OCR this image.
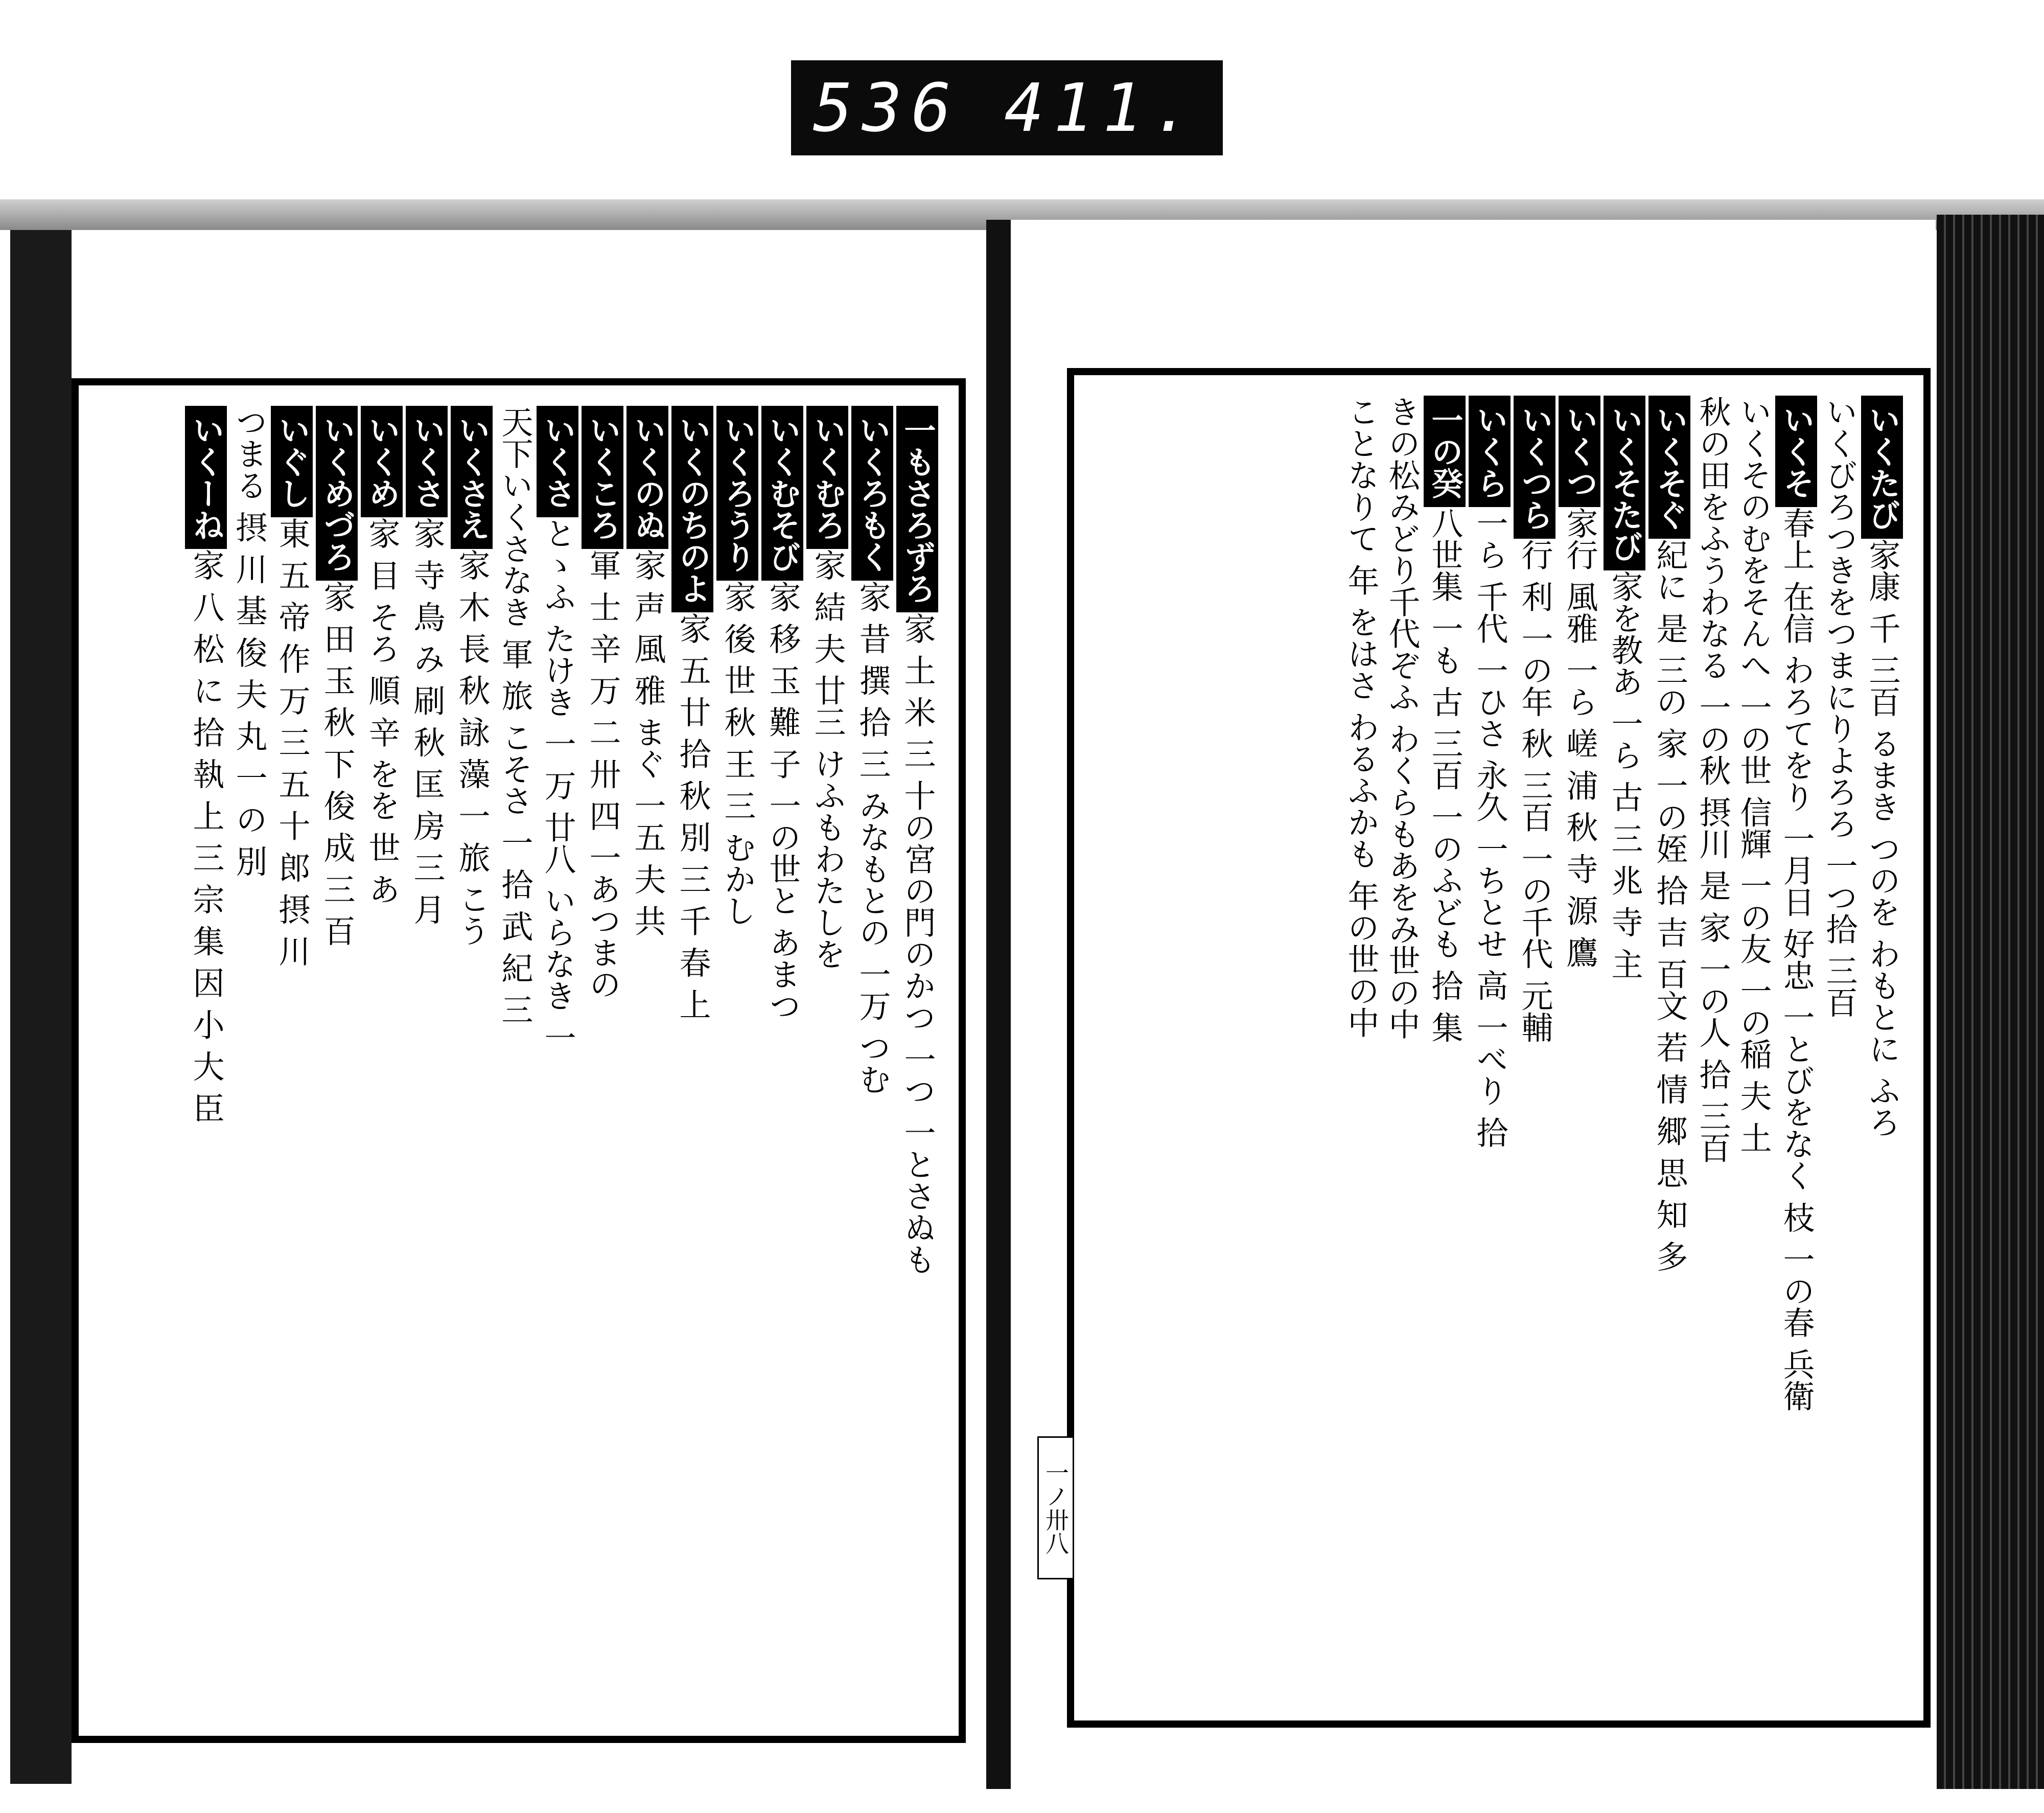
536 411.
一もさろずろ家 土 米 三 十の宮の門のかつ 一つ 一とさぬも
いくろもく家 昔 撰 拾 三 みなもとの 一万 つむ
いくむろ家 結 夫 廿三 けふもわたしを
いくむそび家 移 玉 難 子 一の世と あまつ
いくろうり家 後 世 秋 王 三 むかし
いくのちのよ家 五 廿 拾 秋 別 三 千 春 上
いくのぬ家 声 風 雅 まぐ 一五 夫 共
いくころ軍 士 辛 万 二 卅 四 一あつまの
いくさとゝふ たけき 一 万 廿八 いらなき 一
天下いくさなき 軍 旅 こそさ 一 拾 武 紀 三
いくさえ家 木 長 秋 詠 藻 一 旅 こう
いくさ家 寺 鳥 み 刷 秋 匡 房 三 月
いくめ家 目 そろ 順 辛 をを 世 あ
いくめづろ家 田 玉 秋 下 俊 成 三 百
いぐし東 五 帝 作 万 三 五 十 郎 摂 川
つまる 摂 川 基 俊 夫 丸 一 の 別
いくーね家 八 松 に 拾 執 上 三 宗 集 因 小 大 臣
いくたび家康 千 三百 るまき つのを わもとに ふろ
いくびろつきをつまにりよろろ 一つ拾 三百
いくそ春上 在信 わろてをり 一月日 好忠 一とびをなく 枝 一の春 兵衛
いくそのむをそんへ 一の世 信輝 一の友 一の稲 夫 土
秋の田をふうわなる 一の秋 摂川 是 家 一の人 拾 三百
いくそぐ紀に 是 三の 家 一の姪 拾 吉 百文 若 情 郷 思 知 多
いくそたび家を教あ 一ら 古 三 兆 寺 主
いくつ家行 風雅 一ら 嵯 浦 秋 寺 源 鷹
いくつら行 利 一の年 秋 三百 一の千代 元輔
いくら一ら 千代 一ひさ 永久 一ちとせ 高 一べり 拾
一の癸八世集 一も 古 三百 一のふども 拾 集
きの松みどり千代ぞふ わくらもあをみ世の中
ことなりて 年 をはさ わるふかも 年の世の中
一ノ卅八
